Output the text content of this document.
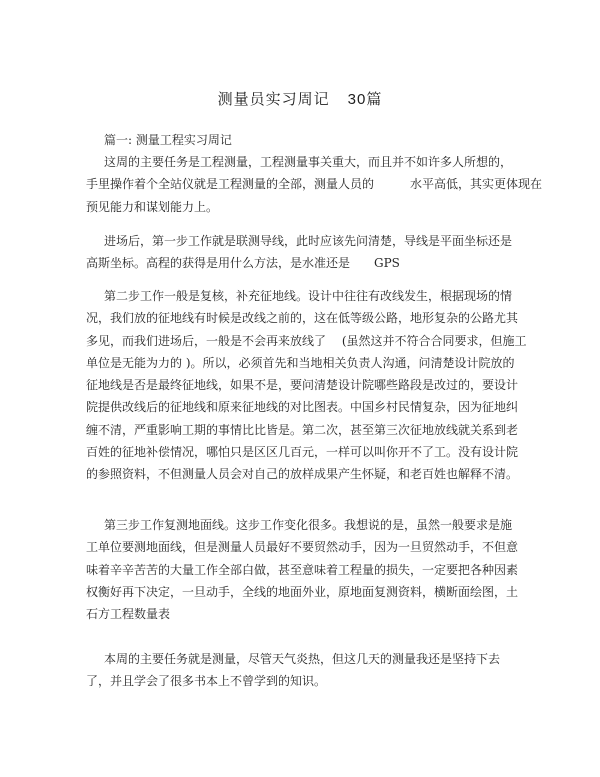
测量员实习周记 30篇
篇一: 测量工程实习周记
这周的主要任务是工程测量，工程测量事关重大，而且并不如许多人所想的，
手里操作着个全站仪就是工程测量的全部，测量人员的　　　水平高低，其实更体现在
预见能力和谋划能力上。
进场后，第一步工作就是联测导线，此时应该先问清楚，导线是平面坐标还是
高斯坐标。高程的获得是用什么方法，是水准还是　　GPS
第二步工作一般是复核，补充征地线。设计中往往有改线发生，根据现场的情
况，我们放的征地线有时候是改线之前的，这在低等级公路，地形复杂的公路尤其
多见，而我们进场后，一般是不会再来放线了　 (虽然这并不符合合同要求，但施工
单位是无能为力的 )。所以，必须首先和当地相关负责人沟通，问清楚设计院放的
征地线是否是最终征地线，如果不是，要问清楚设计院哪些路段是改过的，要设计
院提供改线后的征地线和原来征地线的对比图表。中国乡村民情复杂，因为征地纠
缠不清，严重影响工期的事情比比皆是。第二次，甚至第三次征地放线就关系到老
百姓的征地补偿情况，哪怕只是区区几百元，一样可以叫你开不了工。没有设计院
的参照资料，不但测量人员会对自己的放样成果产生怀疑，和老百姓也解释不清。
第三步工作复测地面线。这步工作变化很多。我想说的是，虽然一般要求是施
工单位要测地面线，但是测量人员最好不要贸然动手，因为一旦贸然动手，不但意
味着辛辛苦苦的大量工作全部白做，甚至意味着工程量的损失，一定要把各种因素
权衡好再下决定，一旦动手，全线的地面外业，原地面复测资料，横断面绘图，土
石方工程数量表
本周的主要任务就是测量，尽管天气炎热，但这几天的测量我还是坚持下去
了，并且学会了很多书本上不曾学到的知识。
